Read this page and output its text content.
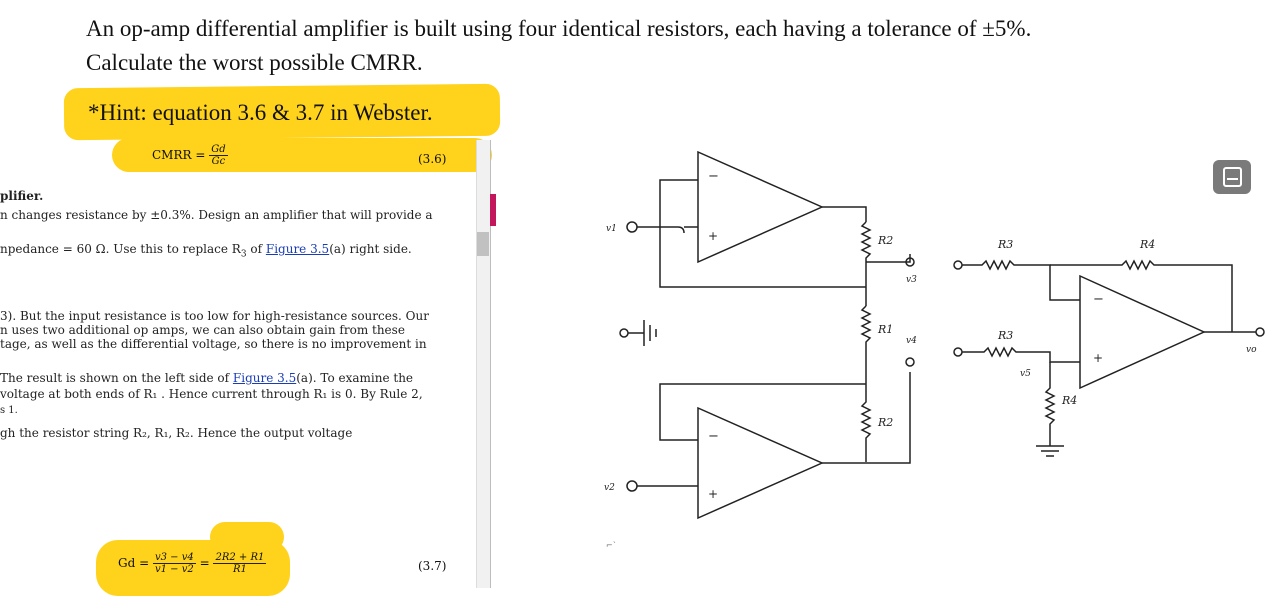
An op-amp differential amplifier is built using four identical resistors, each having a tolerance of ±5%.
Calculate the worst possible CMRR.
*Hint: equation 3.6 & 3.7 in Webster.
CMRR = $\frac{Gd}{Gc}$	(3.6)
plifier.
n changes resistance by ±0.3%. Design an amplifier that will provide a
npedance = 60 Ω. Use this to replace $R_3$ of Figure 3.5(a) right side.
3). But the input resistance is too low for high-resistance sources. Our
n uses two additional op amps, we can also obtain gain from these
tage, as well as the differential voltage, so there is no improvement in
The result is shown on the left side of Figure 3.5(a). To examine the
voltage at both ends of R₁ . Hence current through R₁ is 0. By Rule 2,
s 1.
gh the resistor string R₂, R₁, R₂. Hence the output voltage
$Gd = \frac{v3 - v4}{v1 - v2} = \frac{2R2 + R1}{R1}$	(3.7)
−
+
v1
R2
v3
R1
v4
R2
−
+
v2
−
+
R3	R4
vo
R3
v5
R4
⌐`
